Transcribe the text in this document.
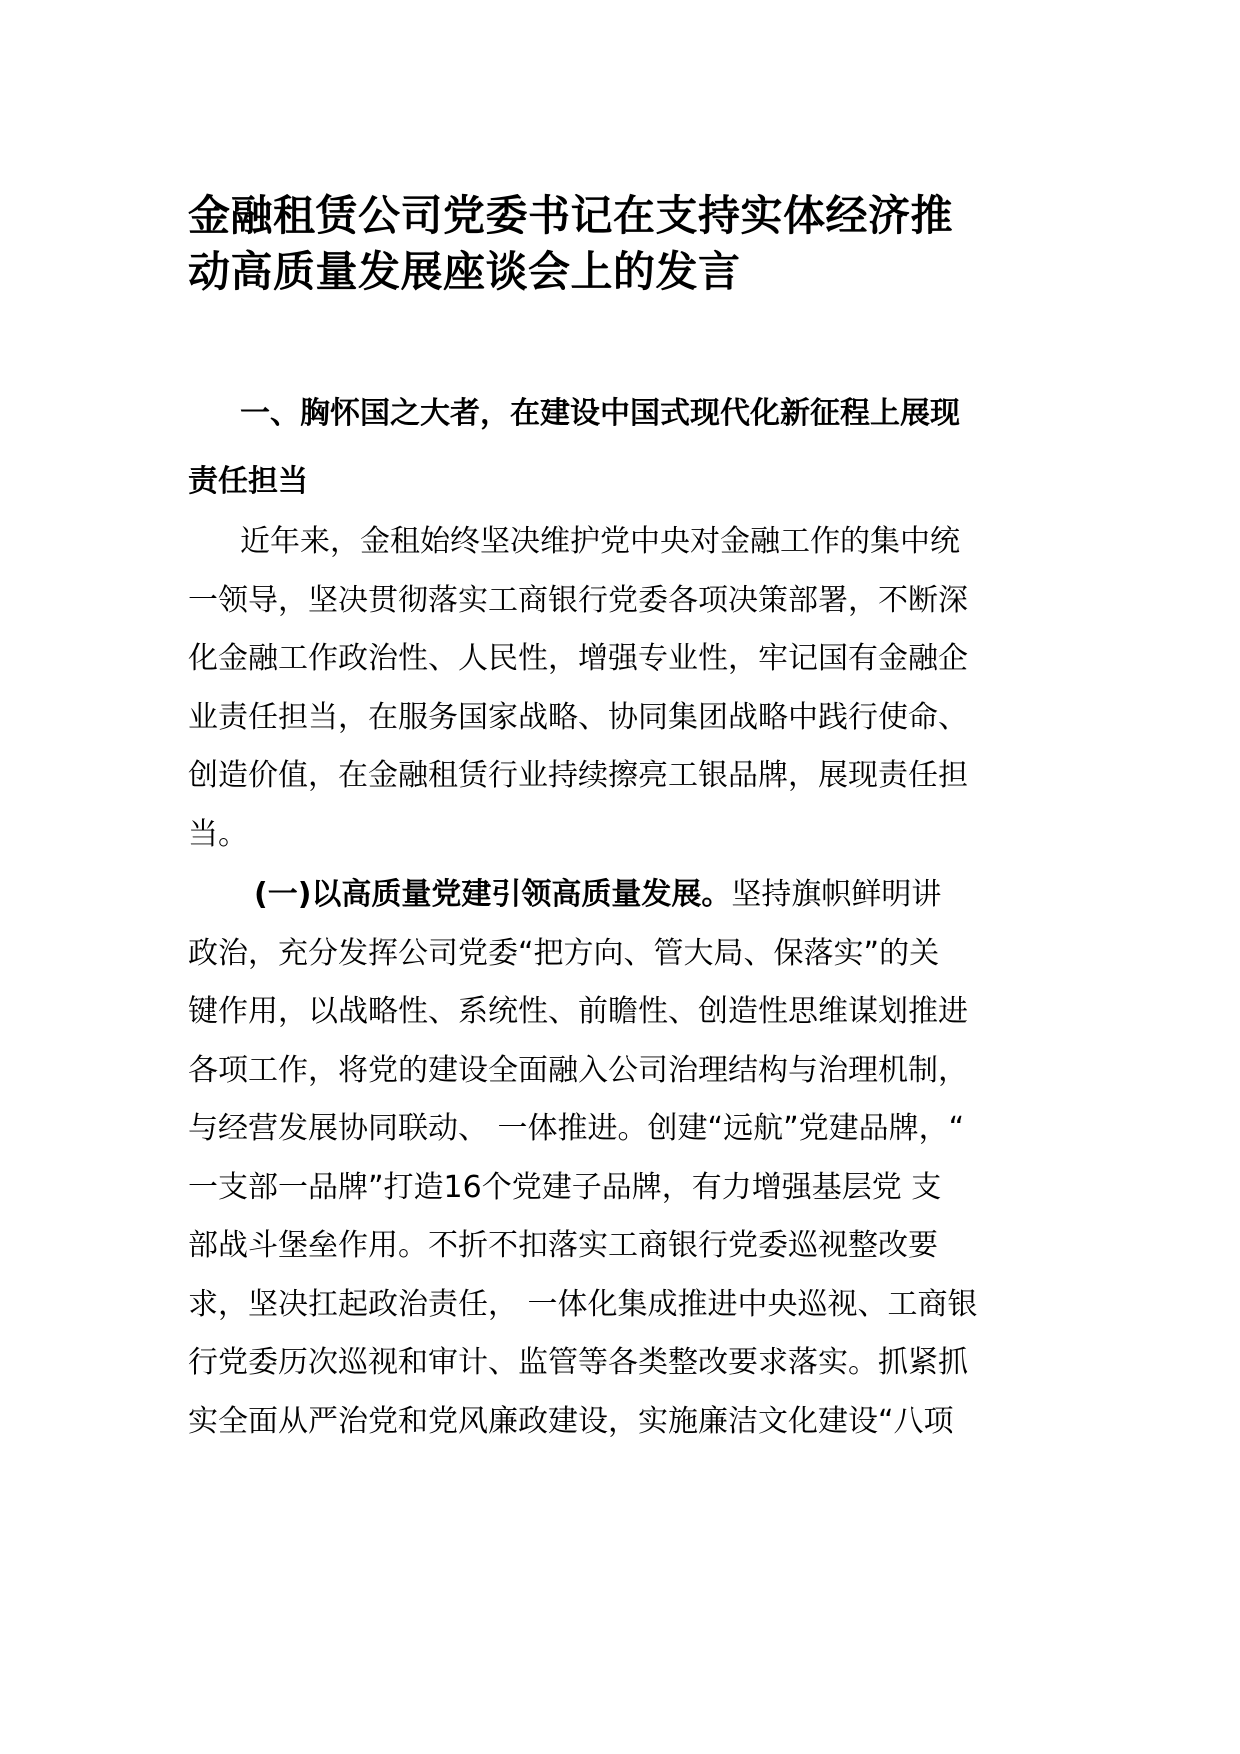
金融租赁公司党委书记在支持实体经济推
动高质量发展座谈会上的发言
一、胸怀国之大者，在建设中国式现代化新征程上展现
责任担当
近年来，金租始终坚决维护党中央对金融工作的集中统
一领导，坚决贯彻落实工商银行党委各项决策部署，不断深
化金融工作政治性、人民性，增强专业性，牢记国有金融企
业责任担当，在服务国家战略、协同集团战略中践行使命、
创造价值，在金融租赁行业持续擦亮工银品牌，展现责任担
当。
(一)以高质量党建引领高质量发展。坚持旗帜鲜明讲
政治，充分发挥公司党委“把方向、管大局、保落实”的关
键作用，以战略性、系统性、前瞻性、创造性思维谋划推进
各项工作，将党的建设全面融入公司治理结构与治理机制，
与经营发展协同联动、 一体推进。创建“远航”党建品牌，“
一支部一品牌”打造16个党建子品牌，有力增强基层党 支
部战斗堡垒作用。不折不扣落实工商银行党委巡视整改要
求，坚决扛起政治责任， 一体化集成推进中央巡视、工商银
行党委历次巡视和审计、监管等各类整改要求落实。抓紧抓
实全面从严治党和党风廉政建设，实施廉洁文化建设“八项
